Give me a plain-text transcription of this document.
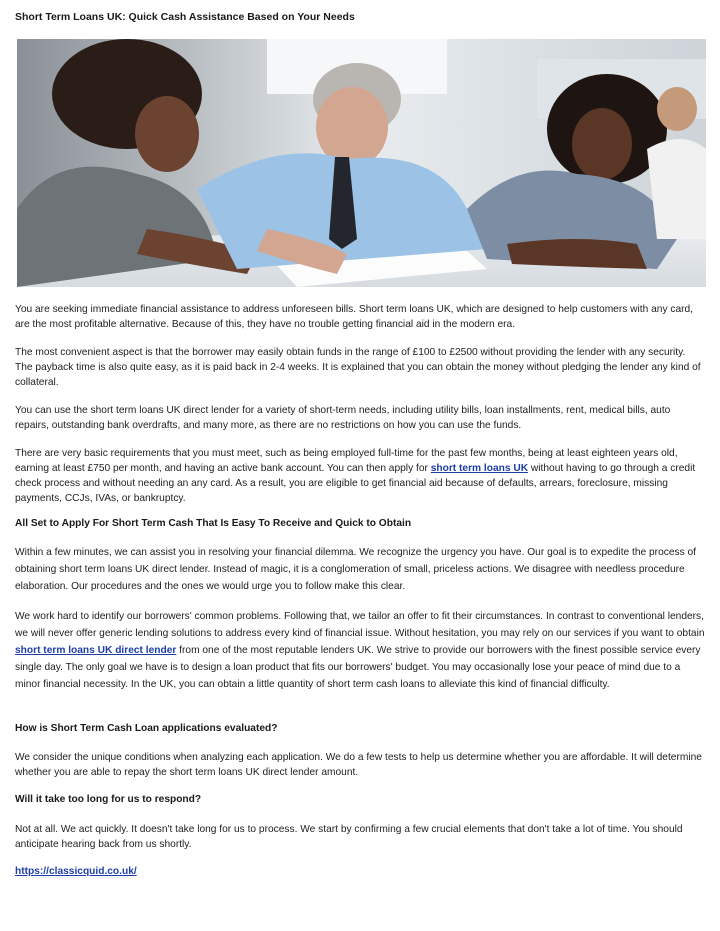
Short Term Loans UK: Quick Cash Assistance Based on Your Needs

You are seeking immediate financial assistance to address unforeseen bills. Short term loans UK, which are designed to help customers with any card, are the most profitable alternative. Because of this, they have no trouble getting financial aid in the modern era.

The most convenient aspect is that the borrower may easily obtain funds in the range of £100 to £2500 without providing the lender with any security. The payback time is also quite easy, as it is paid back in 2-4 weeks. It is explained that you can obtain the money without pledging the lender any kind of collateral.

You can use the short term loans UK direct lender for a variety of short-term needs, including utility bills, loan installments, rent, medical bills, auto repairs, outstanding bank overdrafts, and many more, as there are no restrictions on how you can use the funds.

There are very basic requirements that you must meet, such as being employed full-time for the past few months, being at least eighteen years old, earning at least £750 per month, and having an active bank account. You can then apply for short term loans UK without having to go through a credit check process and without needing an any card. As a result, you are eligible to get financial aid because of defaults, arrears, foreclosure, missing payments, CCJs, IVAs, or bankruptcy.

All Set to Apply For Short Term Cash That Is Easy To Receive and Quick to Obtain

Within a few minutes, we can assist you in resolving your financial dilemma. We recognize the urgency you have. Our goal is to expedite the process of obtaining short term loans UK direct lender. Instead of magic, it is a conglomeration of small, priceless actions. We disagree with needless procedure elaboration. Our procedures and the ones we would urge you to follow make this clear.

We work hard to identify our borrowers' common problems. Following that, we tailor an offer to fit their circumstances. In contrast to conventional lenders, we will never offer generic lending solutions to address every kind of financial issue. Without hesitation, you may rely on our services if you want to obtain short term loans UK direct lender from one of the most reputable lenders UK. We strive to provide our borrowers with the finest possible service every single day. The only goal we have is to design a loan product that fits our borrowers' budget. You may occasionally lose your peace of mind due to a minor financial necessity. In the UK, you can obtain a little quantity of short term cash loans to alleviate this kind of financial difficulty.

How is Short Term Cash Loan applications evaluated?

We consider the unique conditions when analyzing each application. We do a few tests to help us determine whether you are affordable. It will determine whether you are able to repay the short term loans UK direct lender amount.

Will it take too long for us to respond?

Not at all. We act quickly. It doesn't take long for us to process. We start by confirming a few crucial elements that don't take a lot of time. You should anticipate hearing back from us shortly.

https://classicquid.co.uk/
